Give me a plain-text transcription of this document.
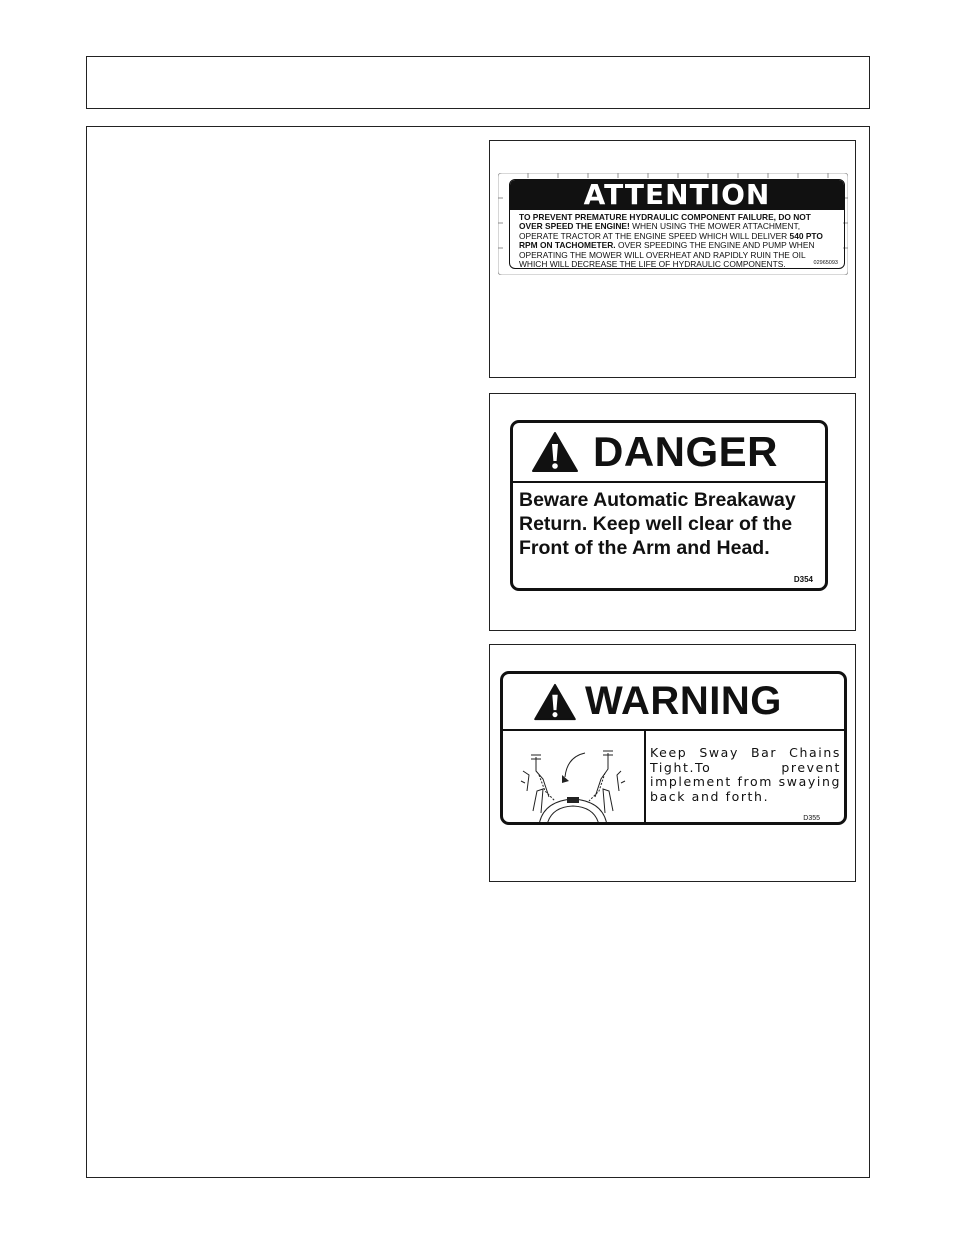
ATTENTION
TO PREVENT PREMATURE HYDRAULIC COMPONENT FAILURE, DO NOT OVER SPEED THE ENGINE! WHEN USING THE MOWER ATTACHMENT, OPERATE TRACTOR AT THE ENGINE SPEED WHICH WILL DELIVER 540 PTO RPM ON TACHOMETER. OVER SPEEDING THE ENGINE AND PUMP WHEN OPERATING THE MOWER WILL OVERHEAT AND RAPIDLY RUIN THE OIL WHICH WILL DECREASE THE LIFE OF HYDRAULIC COMPONENTS.	02965093
DANGER
Beware Automatic Breakaway
Return. Keep well clear of the
Front of the Arm and Head.
D354
WARNING
Keep Sway Bar Chains Tight.To prevent implement from swaying back and forth.
D355
